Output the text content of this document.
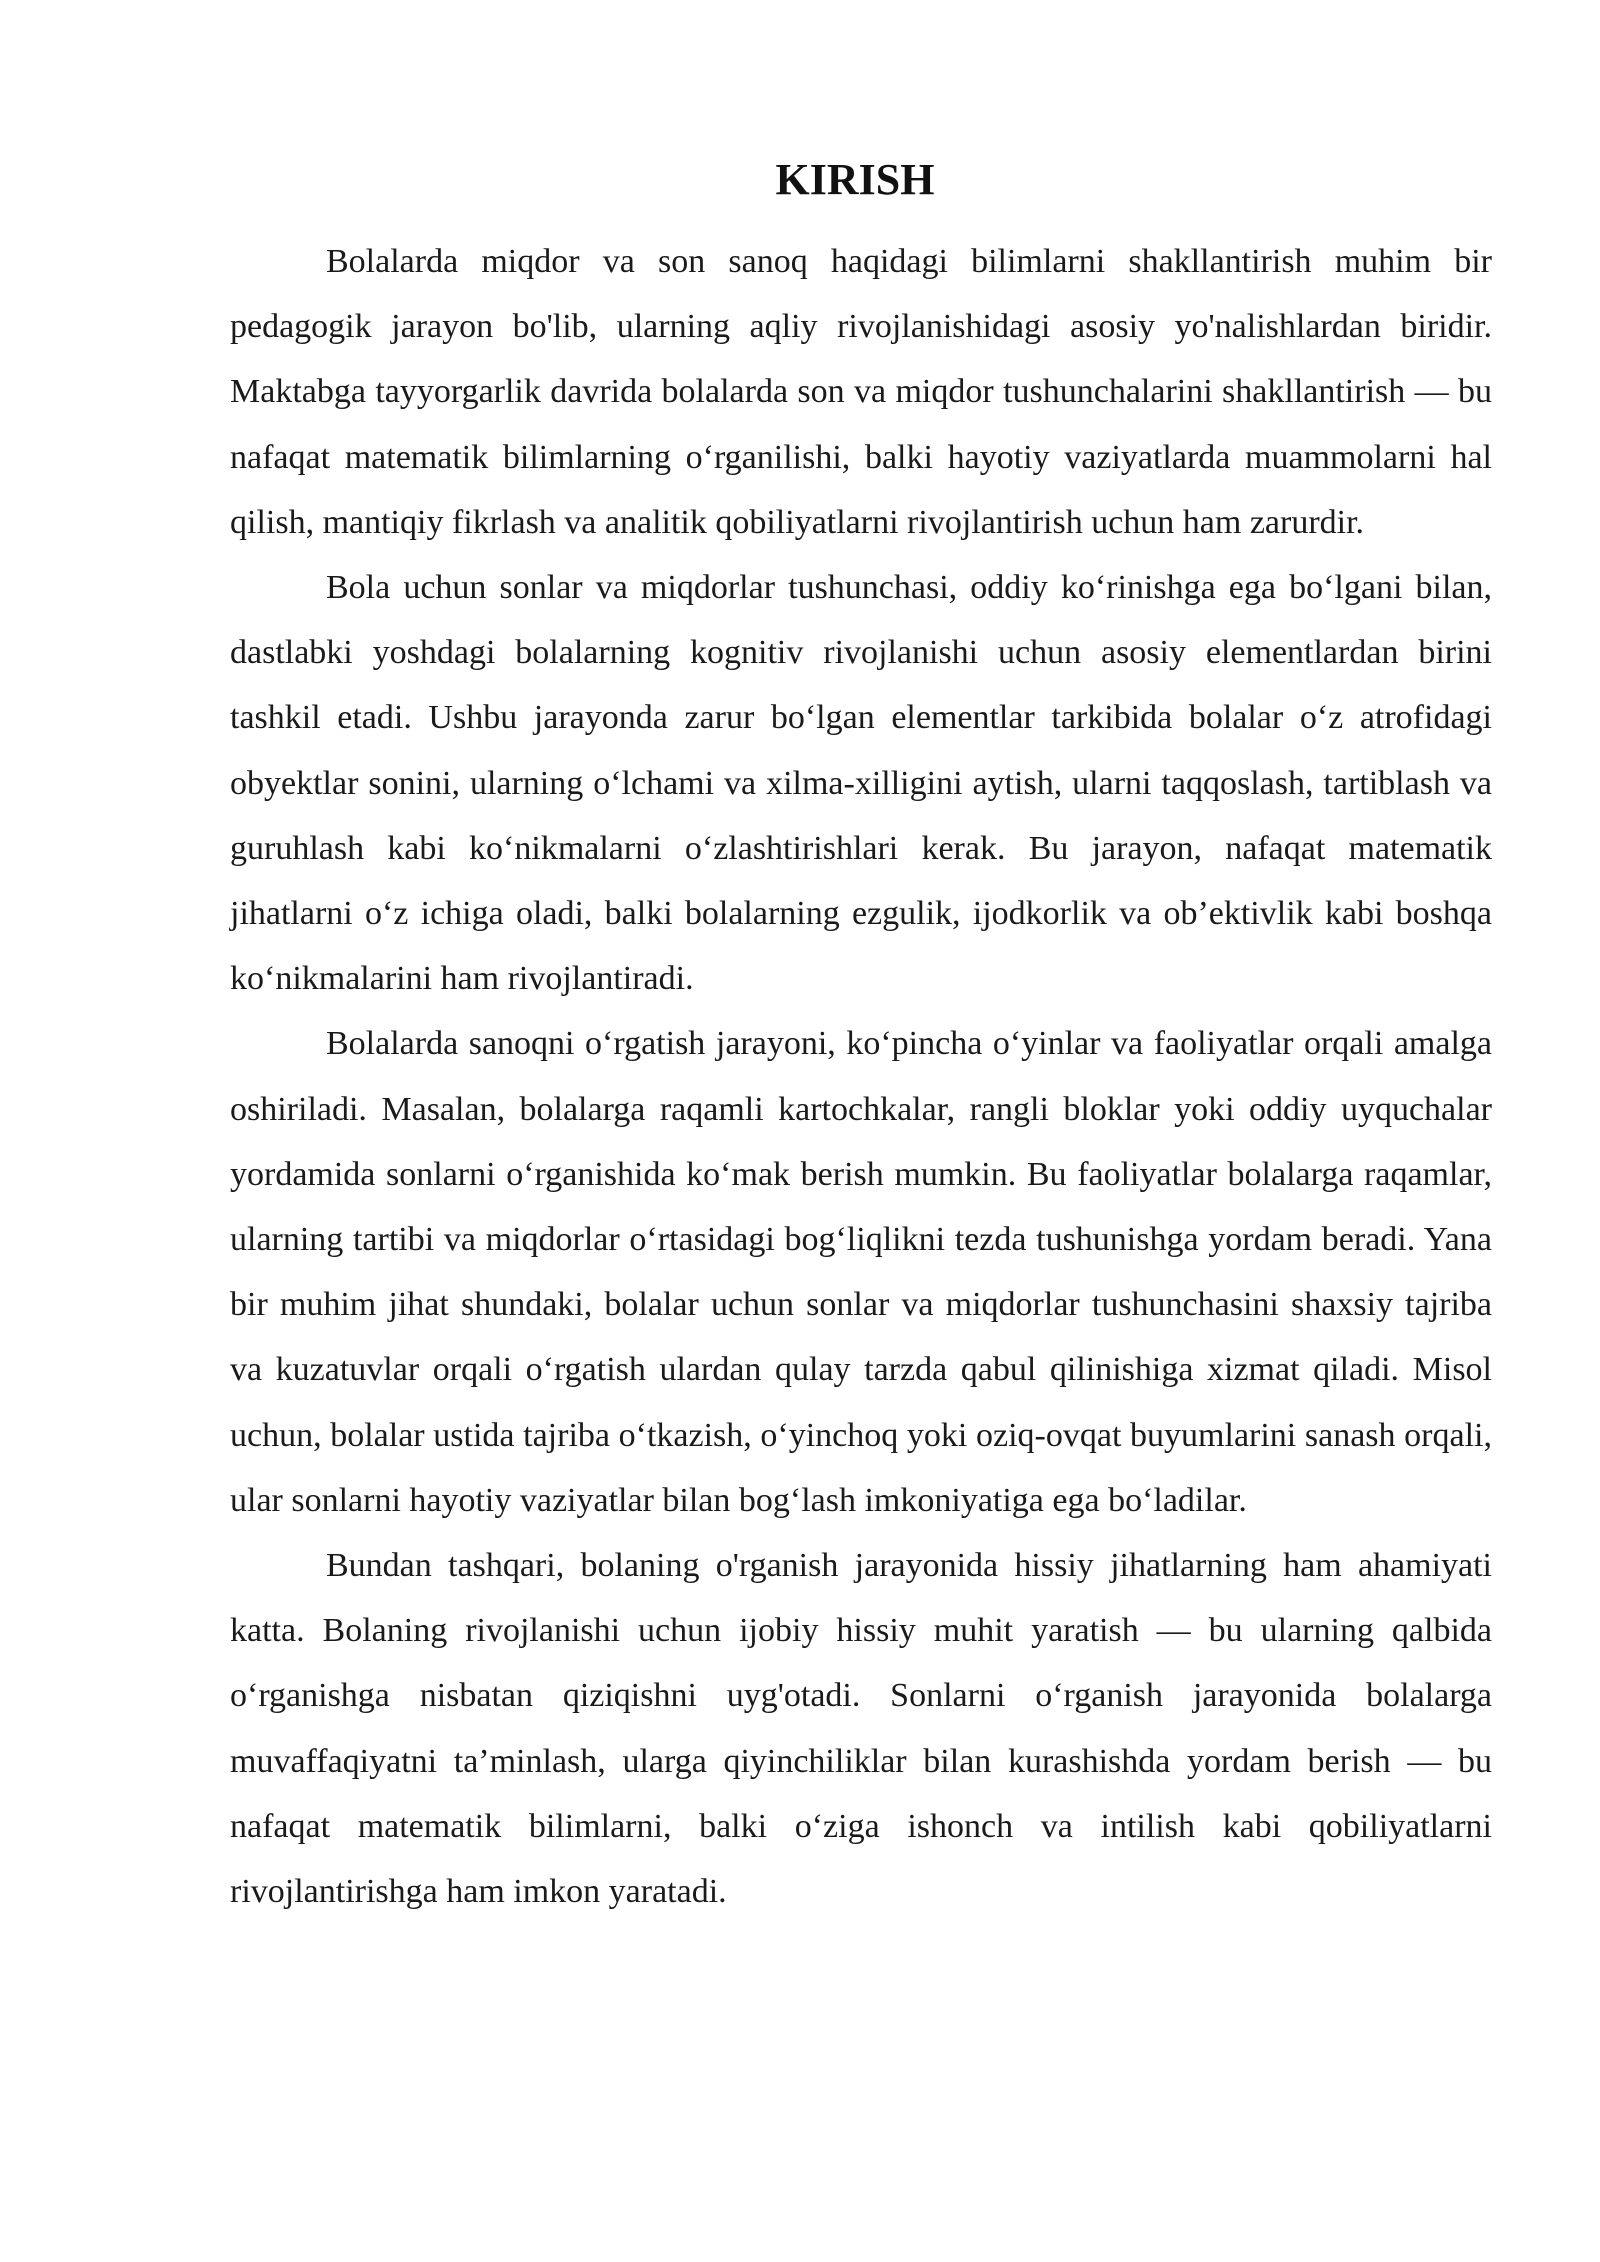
KIRISH

Bolalarda miqdor va son sanoq haqidagi bilimlarni shakllantirish muhim bir pedagogik jarayon bo'lib, ularning aqliy rivojlanishidagi asosiy yo'nalishlardan biridir. Maktabga tayyorgarlik davrida bolalarda son va miqdor tushunchalarini shakllantirish — bu nafaqat matematik bilimlarning oʻrganilishi, balki hayotiy vaziyatlarda muammolarni hal qilish, mantiqiy fikrlash va analitik qobiliyatlarni rivojlantirish uchun ham zarurdir.

Bola uchun sonlar va miqdorlar tushunchasi, oddiy koʻrinishga ega boʻlgani bilan, dastlabki yoshdagi bolalarning kognitiv rivojlanishi uchun asosiy elementlardan birini tashkil etadi. Ushbu jarayonda zarur boʻlgan elementlar tarkibida bolalar oʻz atrofidagi obyektlar sonini, ularning oʻlchami va xilma-xilligini aytish, ularni taqqoslash, tartiblash va guruhlash kabi koʻnikmalarni oʻzlashtirishlari kerak. Bu jarayon, nafaqat matematik jihatlarni oʻz ichiga oladi, balki bolalarning ezgulik, ijodkorlik va ob’ektivlik kabi boshqa koʻnikmalarini ham rivojlantiradi.

Bolalarda sanoqni oʻrgatish jarayoni, koʻpincha oʻyinlar va faoliyatlar orqali amalga oshiriladi. Masalan, bolalarga raqamli kartochkalar, rangli bloklar yoki oddiy uyquchalar yordamida sonlarni oʻrganishida koʻmak berish mumkin. Bu faoliyatlar bolalarga raqamlar, ularning tartibi va miqdorlar oʻrtasidagi bogʻliqlikni tezda tushunishga yordam beradi. Yana bir muhim jihat shundaki, bolalar uchun sonlar va miqdorlar tushunchasini shaxsiy tajriba va kuzatuvlar orqali oʻrgatish ulardan qulay tarzda qabul qilinishiga xizmat qiladi. Misol uchun, bolalar ustida tajriba oʻtkazish, oʻyinchoq yoki oziq-ovqat buyumlarini sanash orqali, ular sonlarni hayotiy vaziyatlar bilan bogʻlash imkoniyatiga ega boʻladilar.

Bundan tashqari, bolaning o'rganish jarayonida hissiy jihatlarning ham ahamiyati katta. Bolaning rivojlanishi uchun ijobiy hissiy muhit yaratish — bu ularning qalbida oʻrganishga nisbatan qiziqishni uyg'otadi. Sonlarni oʻrganish jarayonida bolalarga muvaffaqiyatni ta’minlash, ularga qiyinchiliklar bilan kurashishda yordam berish — bu nafaqat matematik bilimlarni, balki oʻziga ishonch va intilish kabi qobiliyatlarni rivojlantirishga ham imkon yaratadi.
